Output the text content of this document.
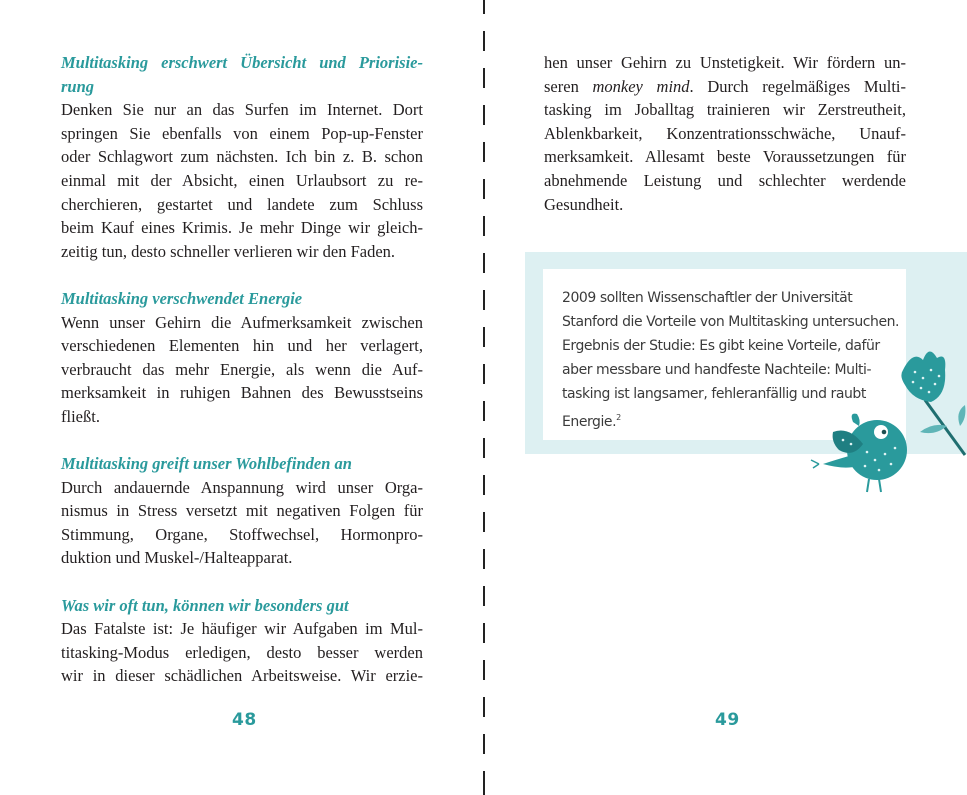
Multitasking erschwert Übersicht und Priorisie-
rung
Denken Sie nur an das Surfen im Internet. Dort
springen Sie ebenfalls von einem Pop-up-Fenster
oder Schlagwort zum nächsten. Ich bin z. B. schon
einmal mit der Absicht, einen Urlaubsort zu re-
cherchieren, gestartet und landete zum Schluss
beim Kauf eines Krimis. Je mehr Dinge wir gleich-
zeitig tun, desto schneller verlieren wir den Faden.
Multitasking verschwendet Energie
Wenn unser Gehirn die Aufmerksamkeit zwischen
verschiedenen Elementen hin und her verlagert,
verbraucht das mehr Energie, als wenn die Auf-
merksamkeit in ruhigen Bahnen des Bewusstseins
fließt.
Multitasking greift unser Wohlbefinden an
Durch andauernde Anspannung wird unser Orga-
nismus in Stress versetzt mit negativen Folgen für
Stimmung, Organe, Stoffwechsel, Hormonpro-
duktion und Muskel-/Halteapparat.
Was wir oft tun, können wir besonders gut
Das Fatalste ist: Je häufiger wir Aufgaben im Mul-
titasking-Modus erledigen, desto besser werden
wir in dieser schädlichen Arbeitsweise. Wir erzie-
48
hen unser Gehirn zu Unstetigkeit. Wir fördern un-
seren monkey mind. Durch regelmäßiges Multi-
tasking im Joballtag trainieren wir Zerstreutheit,
Ablenkbarkeit, Konzentrationsschwäche, Unauf-
merksamkeit. Allesamt beste Voraussetzungen für
abnehmende Leistung und schlechter werdende
Gesundheit.
2009 sollten Wissenschaftler der Universität
Stanford die Vorteile von Multitasking untersuchen.
Ergebnis der Studie: Es gibt keine Vorteile, dafür
aber messbare und handfeste Nachteile: Multi-
tasking ist langsamer, fehleranfällig und raubt
Energie.$^2$
49
